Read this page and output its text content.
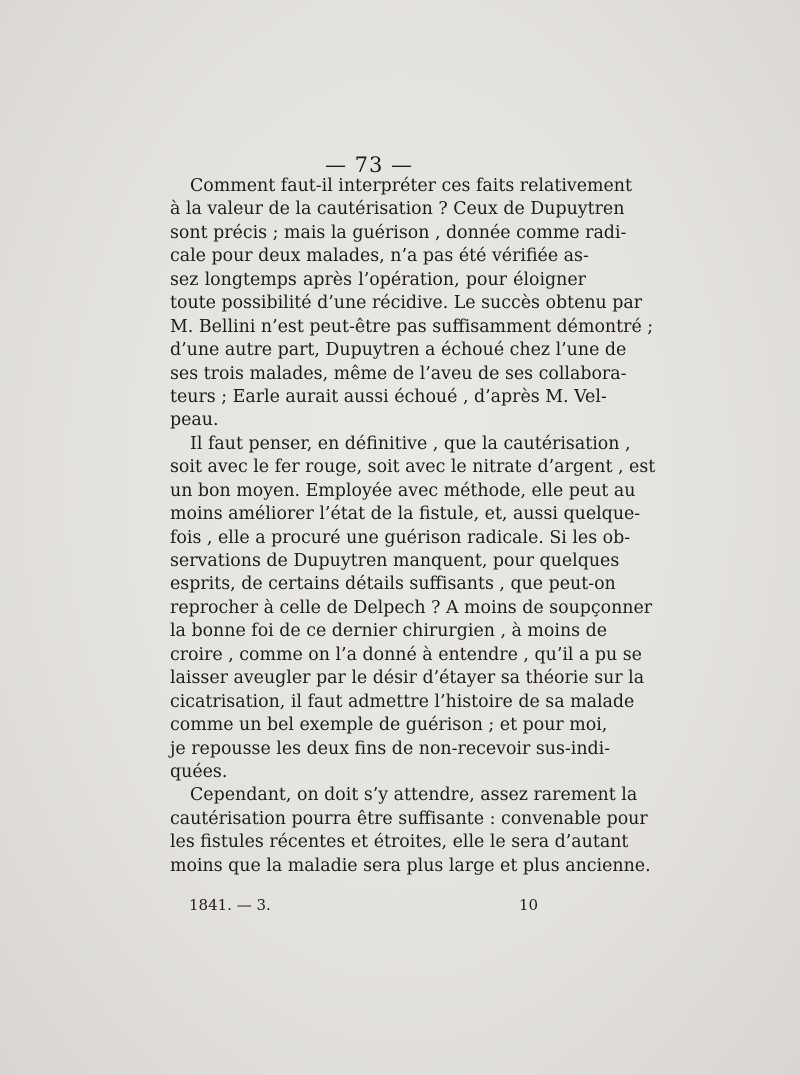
— 73 —
Comment faut-il interpréter ces faits relativement
à la valeur de la cautérisation ? Ceux de Dupuytren
sont précis ; mais la guérison , donnée comme radi-
cale pour deux malades, n’a pas été vérifiée as-
sez longtemps après l’opération, pour éloigner
toute possibilité d’une récidive. Le succès obtenu par
M. Bellini n’est peut-être pas suffisamment démontré ;
d’une autre part, Dupuytren a échoué chez l’une de
ses trois malades, même de l’aveu de ses collabora-
teurs ; Earle aurait aussi échoué , d’après M. Vel-
peau.
Il faut penser, en définitive , que la cautérisation ,
soit avec le fer rouge, soit avec le nitrate d’argent , est
un bon moyen. Employée avec méthode, elle peut au
moins améliorer l’état de la fistule, et, aussi quelque-
fois , elle a procuré une guérison radicale. Si les ob-
servations de Dupuytren manquent, pour quelques
esprits, de certains détails suffisants , que peut-on
reprocher à celle de Delpech ? A moins de soupçonner
la bonne foi de ce dernier chirurgien , à moins de
croire , comme on l’a donné à entendre , qu’il a pu se
laisser aveugler par le désir d’étayer sa théorie sur la
cicatrisation, il faut admettre l’histoire de sa malade
comme un bel exemple de guérison ; et pour moi,
je repousse les deux fins de non-recevoir sus-indi-
quées.
Cependant, on doit s’y attendre, assez rarement la
cautérisation pourra être suffisante : convenable pour
les fistules récentes et étroites, elle le sera d’autant
moins que la maladie sera plus large et plus ancienne.
1841. — 3.	10
